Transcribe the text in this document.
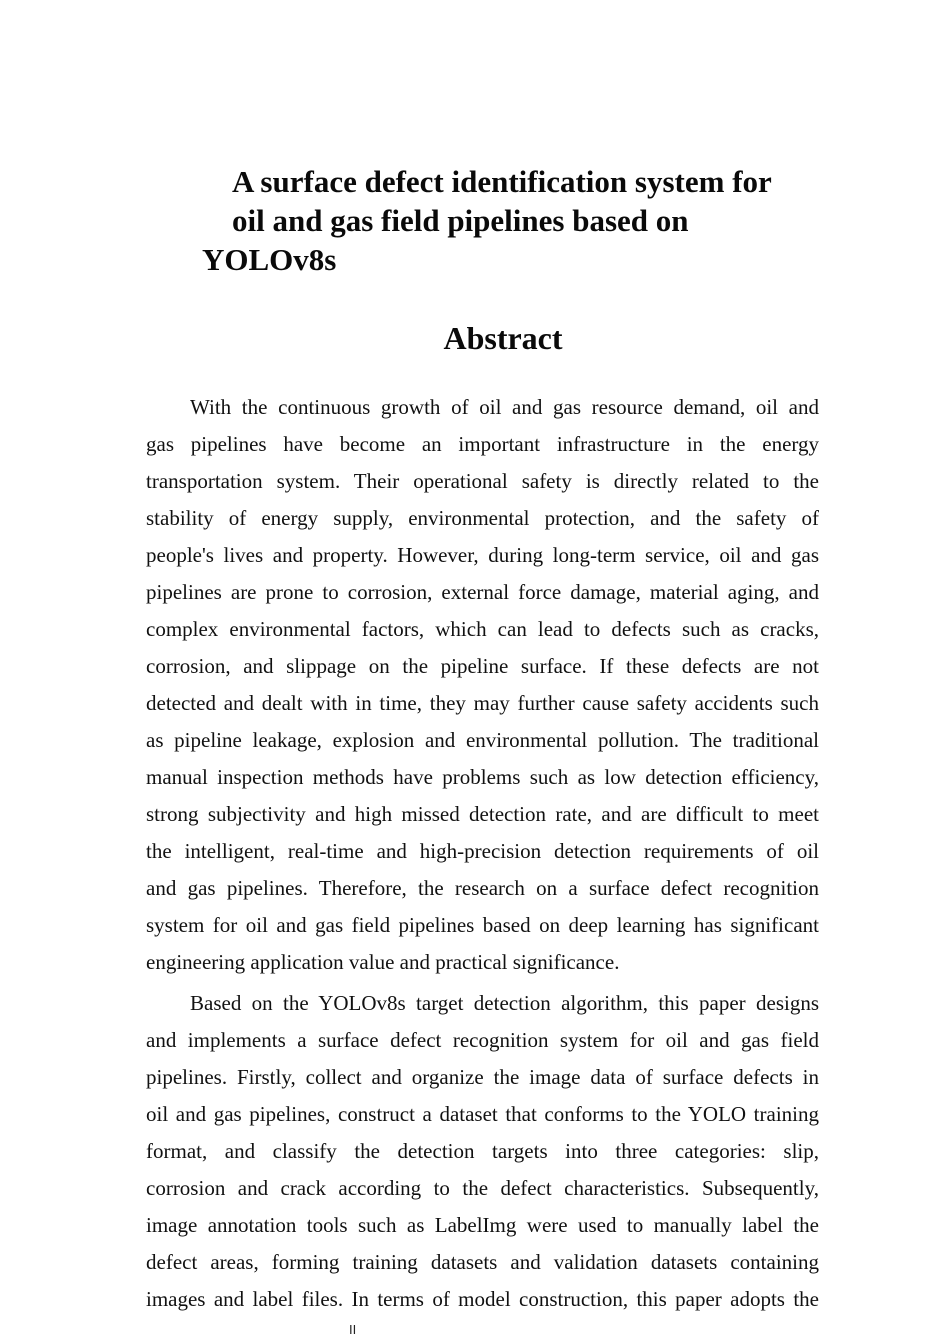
A surface defect identification system for
oil and gas field pipelines based on
YOLOv8s
Abstract
With the continuous growth of oil and gas resource demand, oil and
gas pipelines have become an important infrastructure in the energy
transportation system. Their operational safety is directly related to the
stability of energy supply, environmental protection, and the safety of
people's lives and property. However, during long-term service, oil and gas
pipelines are prone to corrosion, external force damage, material aging, and
complex environmental factors, which can lead to defects such as cracks,
corrosion, and slippage on the pipeline surface. If these defects are not
detected and dealt with in time, they may further cause safety accidents such
as pipeline leakage, explosion and environmental pollution. The traditional
manual inspection methods have problems such as low detection efficiency,
strong subjectivity and high missed detection rate, and are difficult to meet
the intelligent, real-time and high-precision detection requirements of oil
and gas pipelines. Therefore, the research on a surface defect recognition
system for oil and gas field pipelines based on deep learning has significant
engineering application value and practical significance.
Based on the YOLOv8s target detection algorithm, this paper designs
and implements a surface defect recognition system for oil and gas field
pipelines. Firstly, collect and organize the image data of surface defects in
oil and gas pipelines, construct a dataset that conforms to the YOLO training
format, and classify the detection targets into three categories: slip,
corrosion and crack according to the defect characteristics. Subsequently,
image annotation tools such as LabelImg were used to manually label the
defect areas, forming training datasets and validation datasets containing
images and label files. In terms of model construction, this paper adopts the
II
